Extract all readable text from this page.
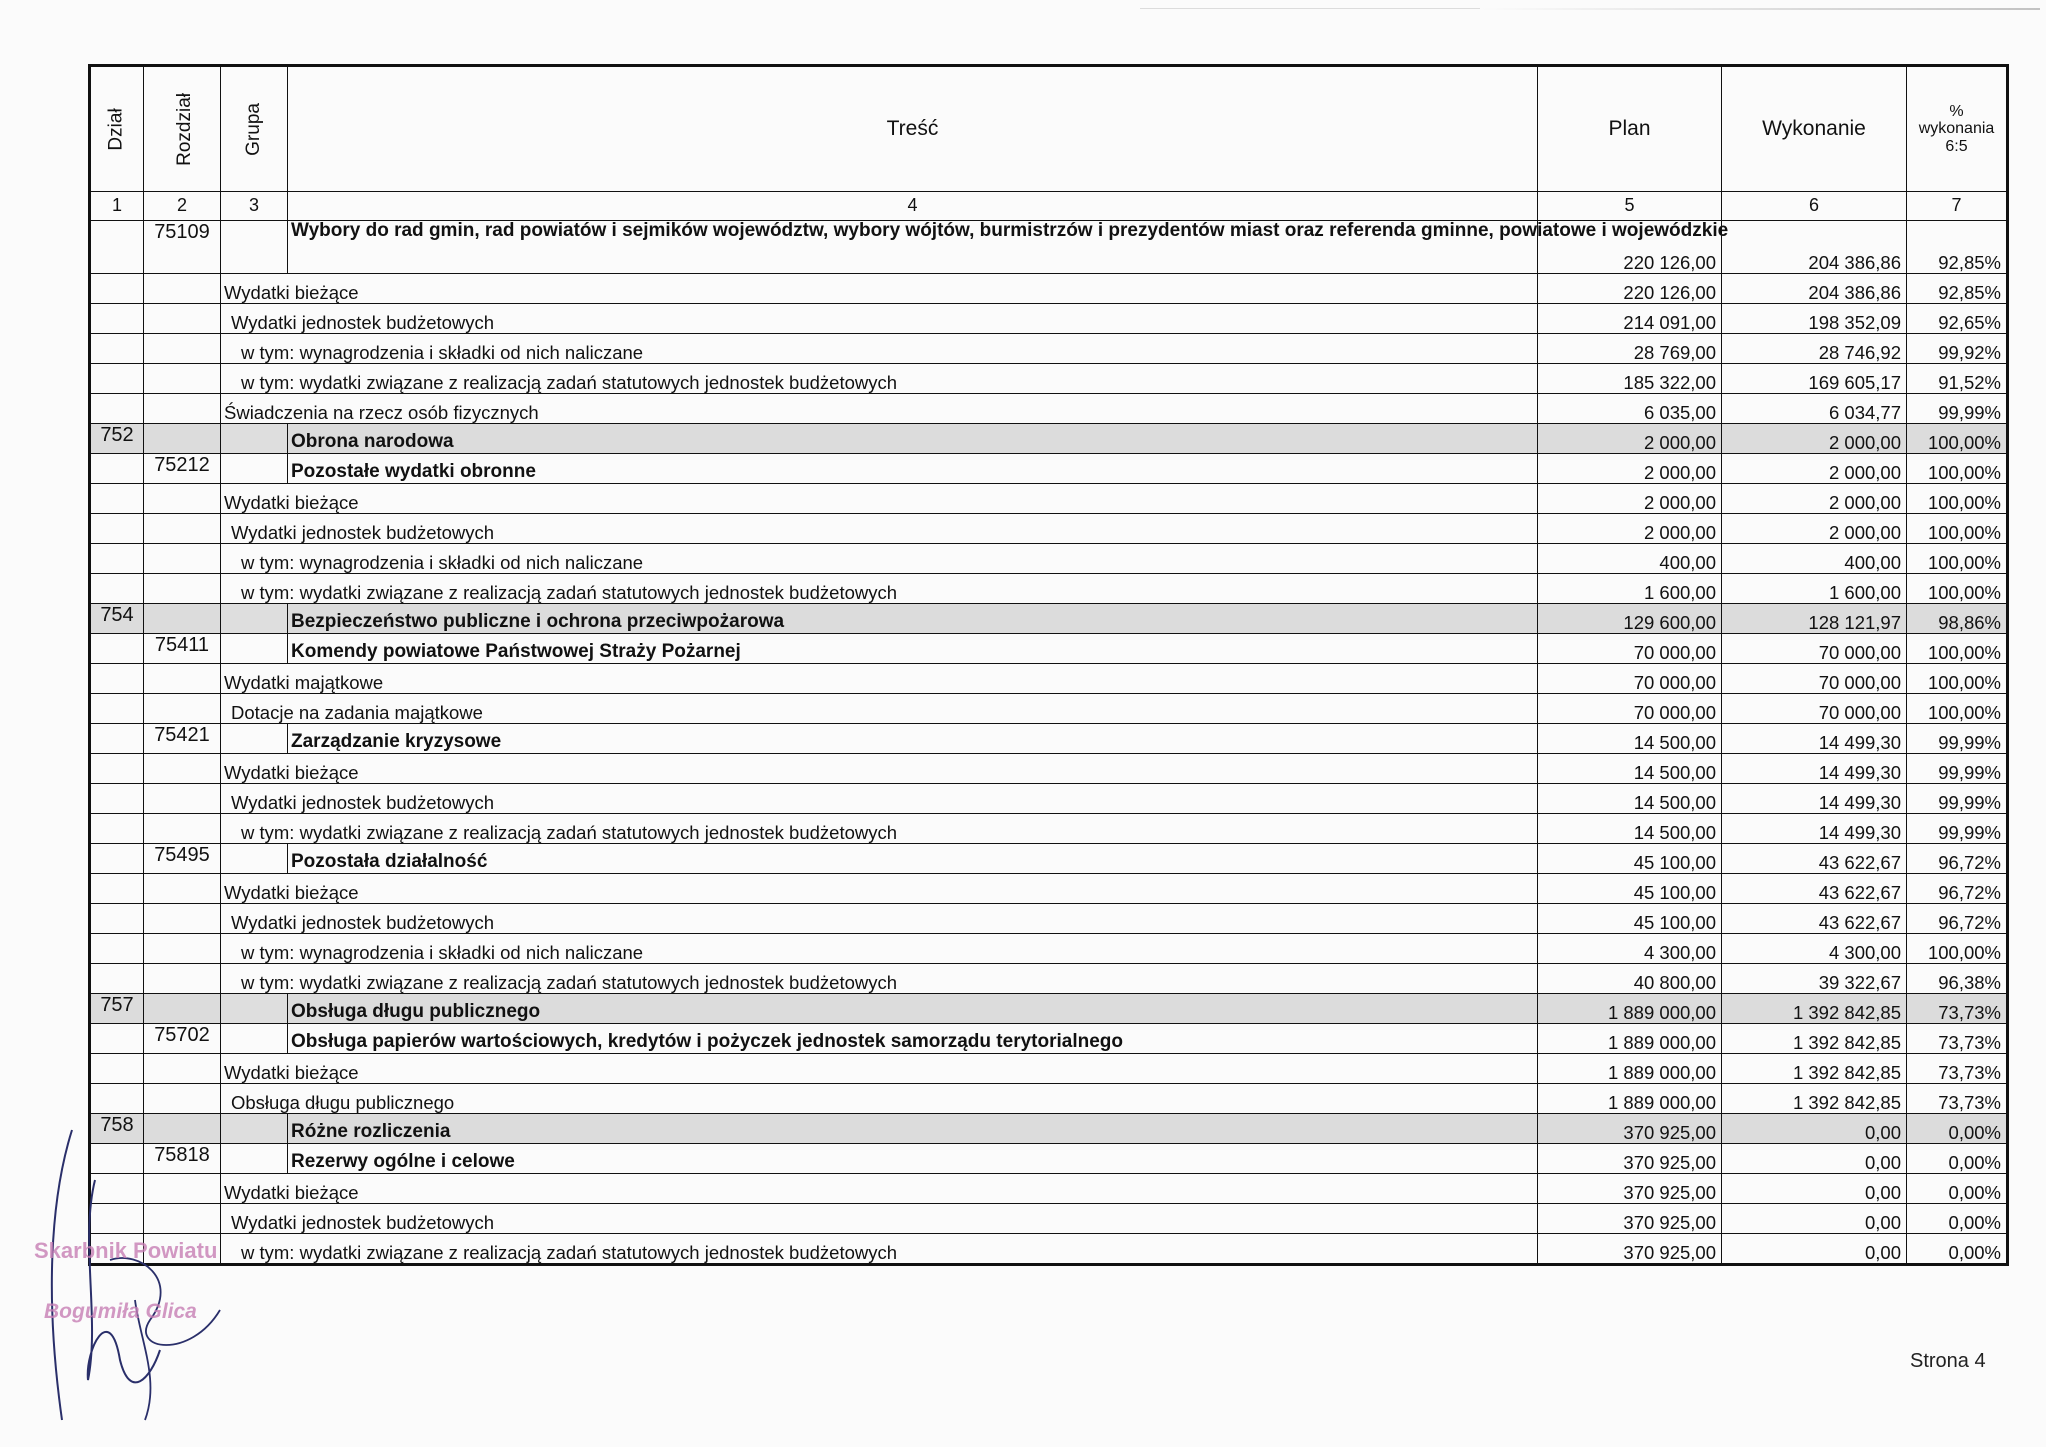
Dział	Rozdział	Grupa	Treść	Plan	Wykonanie	%
wykonania
6:5

1	2	3	4	5	6	7
	75109		Wybory do rad gmin, rad powiatów i sejmików województw, wybory wójtów, burmistrzów i prezydentów miast oraz referenda gminne, powiatowe i wojewódzkie	220 126,00	204 386,86	92,85%
		Wydatki bieżące		220 126,00	204 386,86	92,85%
		Wydatki jednostek budżetowych		214 091,00	198 352,09	92,65%
		w tym: wynagrodzenia i składki od nich naliczane		28 769,00	28 746,92	99,92%
		w tym: wydatki związane z realizacją zadań statutowych jednostek budżetowych		185 322,00	169 605,17	91,52%
		Świadczenia na rzecz osób fizycznych		6 035,00	6 034,77	99,99%
752			Obrona narodowa	2 000,00	2 000,00	100,00%
	75212		Pozostałe wydatki obronne	2 000,00	2 000,00	100,00%
		Wydatki bieżące		2 000,00	2 000,00	100,00%
		Wydatki jednostek budżetowych		2 000,00	2 000,00	100,00%
		w tym: wynagrodzenia i składki od nich naliczane		400,00	400,00	100,00%
		w tym: wydatki związane z realizacją zadań statutowych jednostek budżetowych		1 600,00	1 600,00	100,00%
754			Bezpieczeństwo publiczne i ochrona przeciwpożarowa	129 600,00	128 121,97	98,86%
	75411		Komendy powiatowe Państwowej Straży Pożarnej	70 000,00	70 000,00	100,00%
		Wydatki majątkowe		70 000,00	70 000,00	100,00%
		Dotacje na zadania majątkowe		70 000,00	70 000,00	100,00%
	75421		Zarządzanie kryzysowe	14 500,00	14 499,30	99,99%
		Wydatki bieżące		14 500,00	14 499,30	99,99%
		Wydatki jednostek budżetowych		14 500,00	14 499,30	99,99%
		w tym: wydatki związane z realizacją zadań statutowych jednostek budżetowych		14 500,00	14 499,30	99,99%
	75495		Pozostała działalność	45 100,00	43 622,67	96,72%
		Wydatki bieżące		45 100,00	43 622,67	96,72%
		Wydatki jednostek budżetowych		45 100,00	43 622,67	96,72%
		w tym: wynagrodzenia i składki od nich naliczane		4 300,00	4 300,00	100,00%
		w tym: wydatki związane z realizacją zadań statutowych jednostek budżetowych		40 800,00	39 322,67	96,38%
757			Obsługa długu publicznego	1 889 000,00	1 392 842,85	73,73%
	75702		Obsługa papierów wartościowych, kredytów i pożyczek jednostek samorządu terytorialnego	1 889 000,00	1 392 842,85	73,73%
		Wydatki bieżące		1 889 000,00	1 392 842,85	73,73%
		Obsługa długu publicznego		1 889 000,00	1 392 842,85	73,73%
758			Różne rozliczenia	370 925,00	0,00	0,00%
	75818		Rezerwy ogólne i celowe	370 925,00	0,00	0,00%
		Wydatki bieżące		370 925,00	0,00	0,00%
		Wydatki jednostek budżetowych		370 925,00	0,00	0,00%
		w tym: wydatki związane z realizacją zadań statutowych jednostek budżetowych		370 925,00	0,00	0,00%
Skarbnik Powiatu
Bogumiła Glica
Strona 4
